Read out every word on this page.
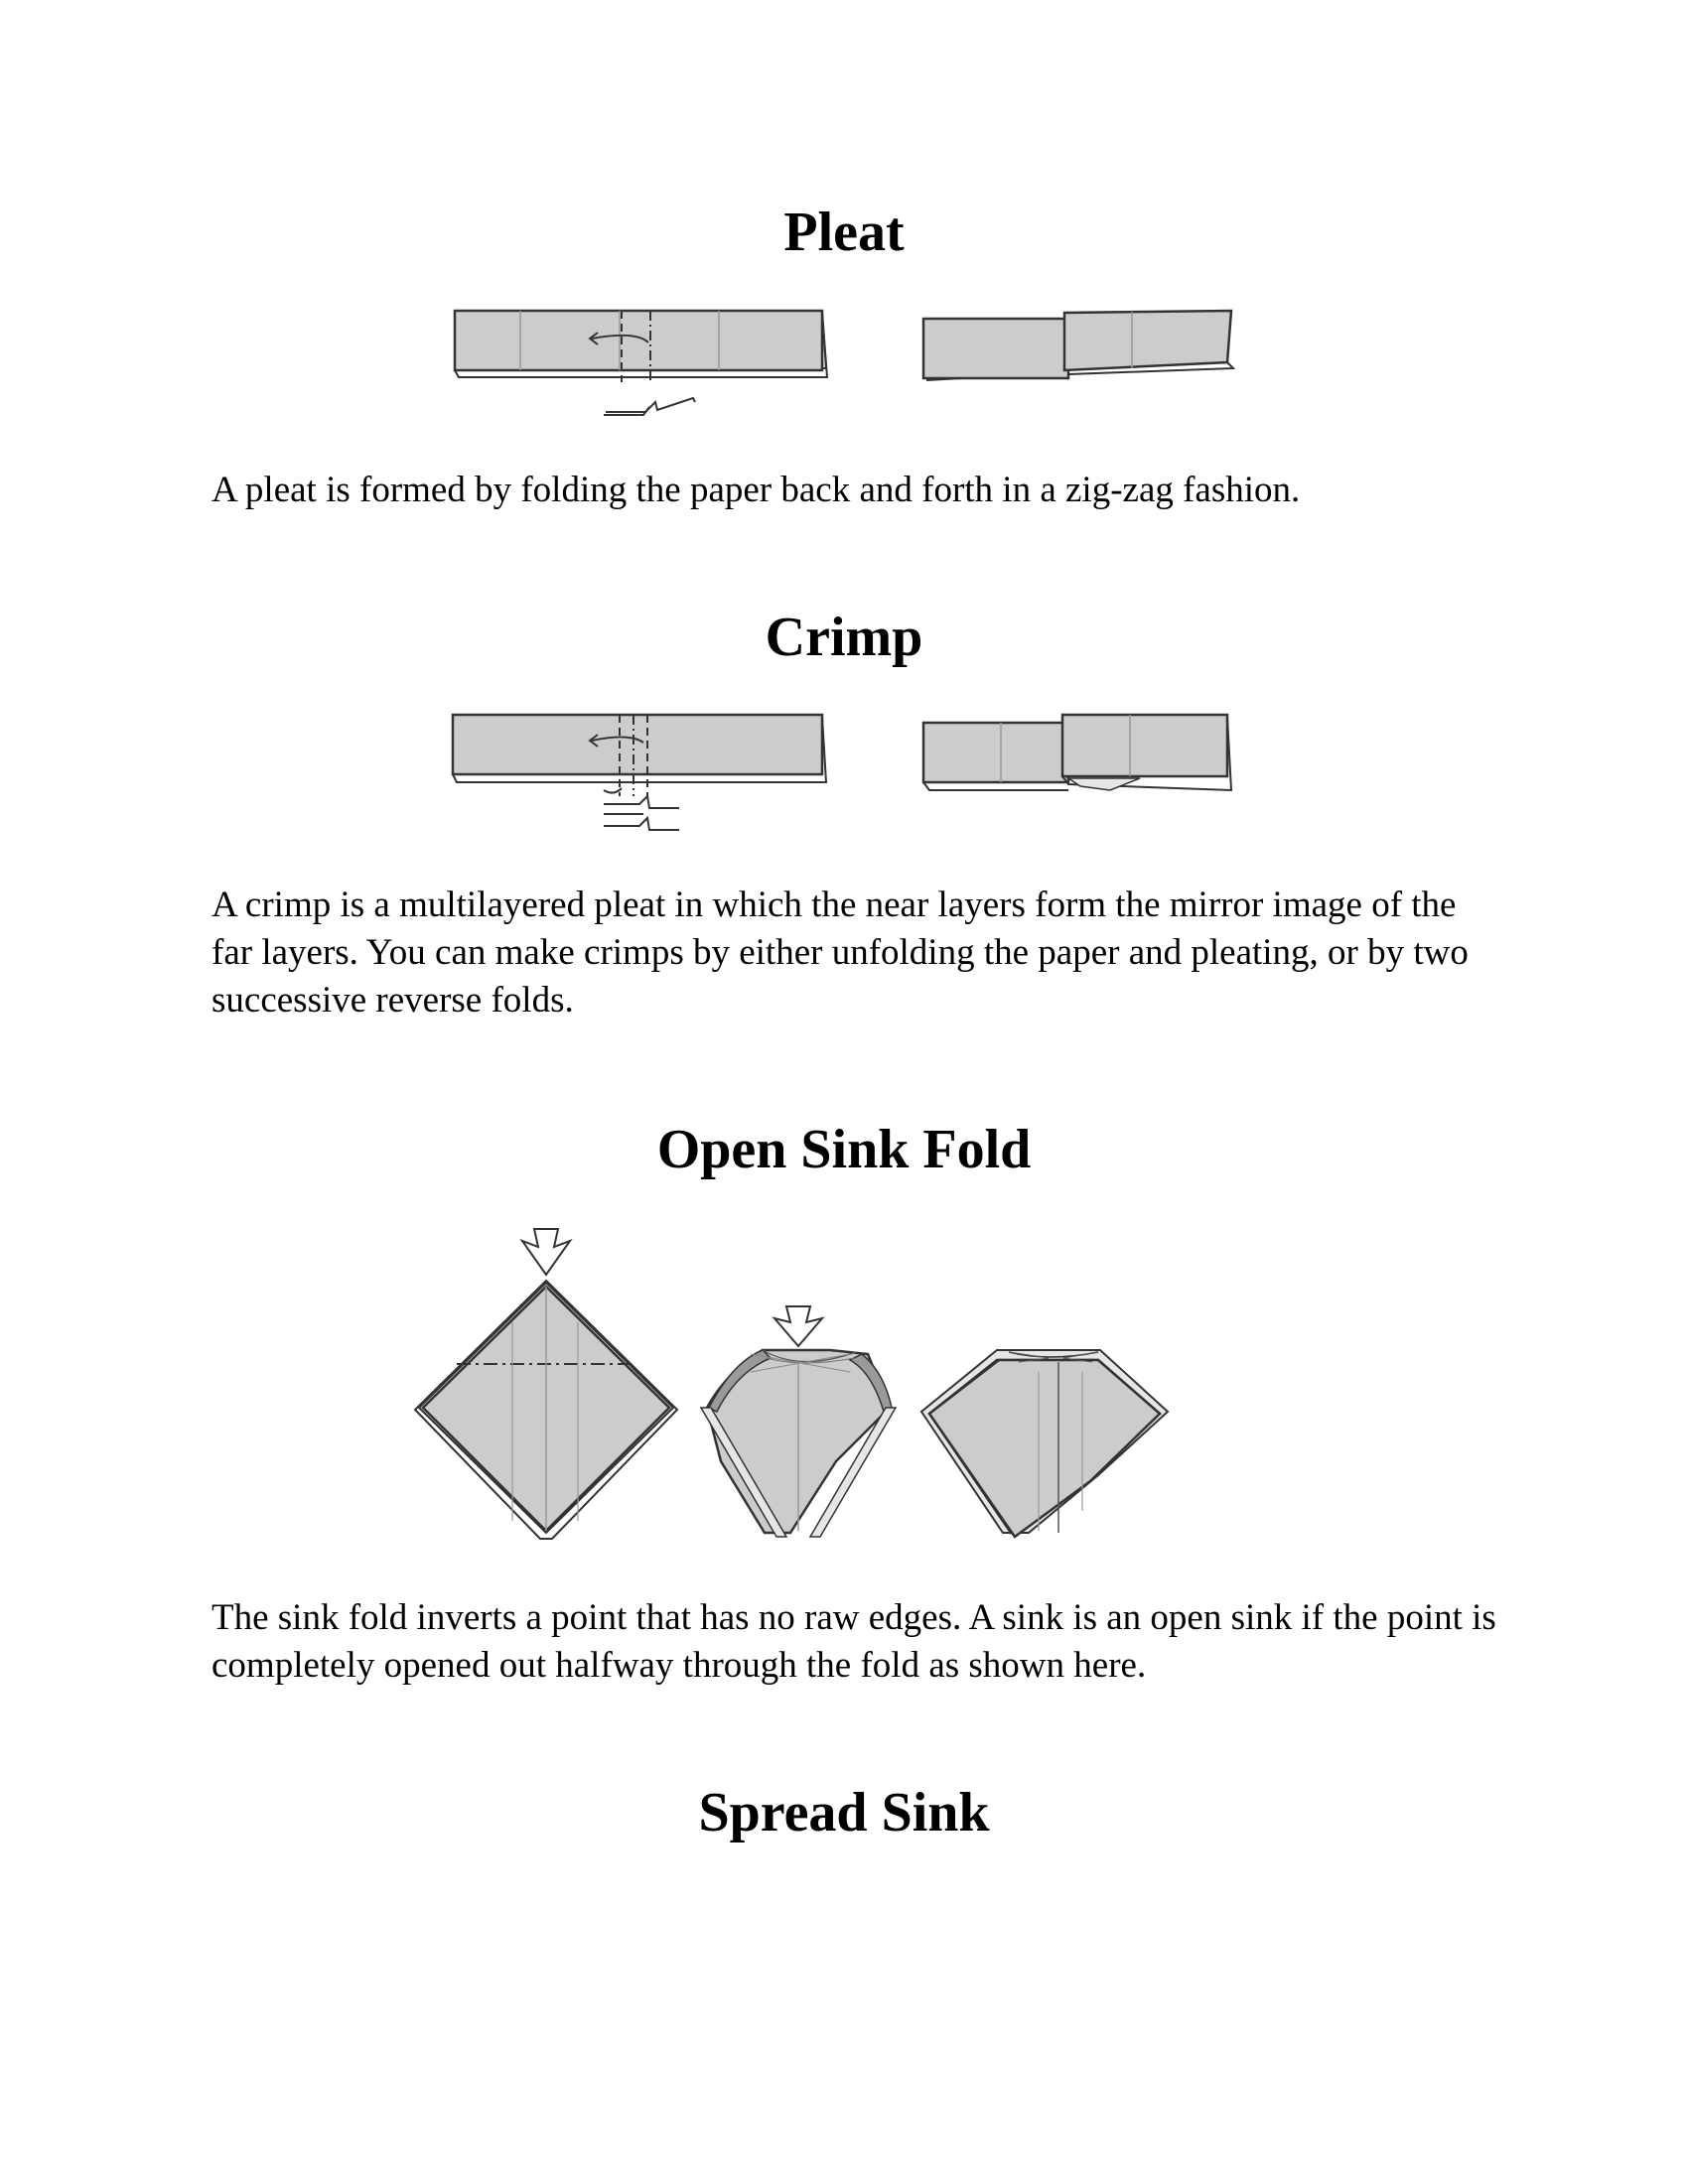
Pleat

A pleat is formed by folding the paper back and forth in a zig-zag fashion.

Crimp

A crimp is a multilayered pleat in which the near layers form the mirror image of the far layers. You can make crimps by either unfolding the paper and pleating, or by two successive reverse folds.

Open Sink Fold

The sink fold inverts a point that has no raw edges. A sink is an open sink if the point is completely opened out halfway through the fold as shown here.

Spread Sink
